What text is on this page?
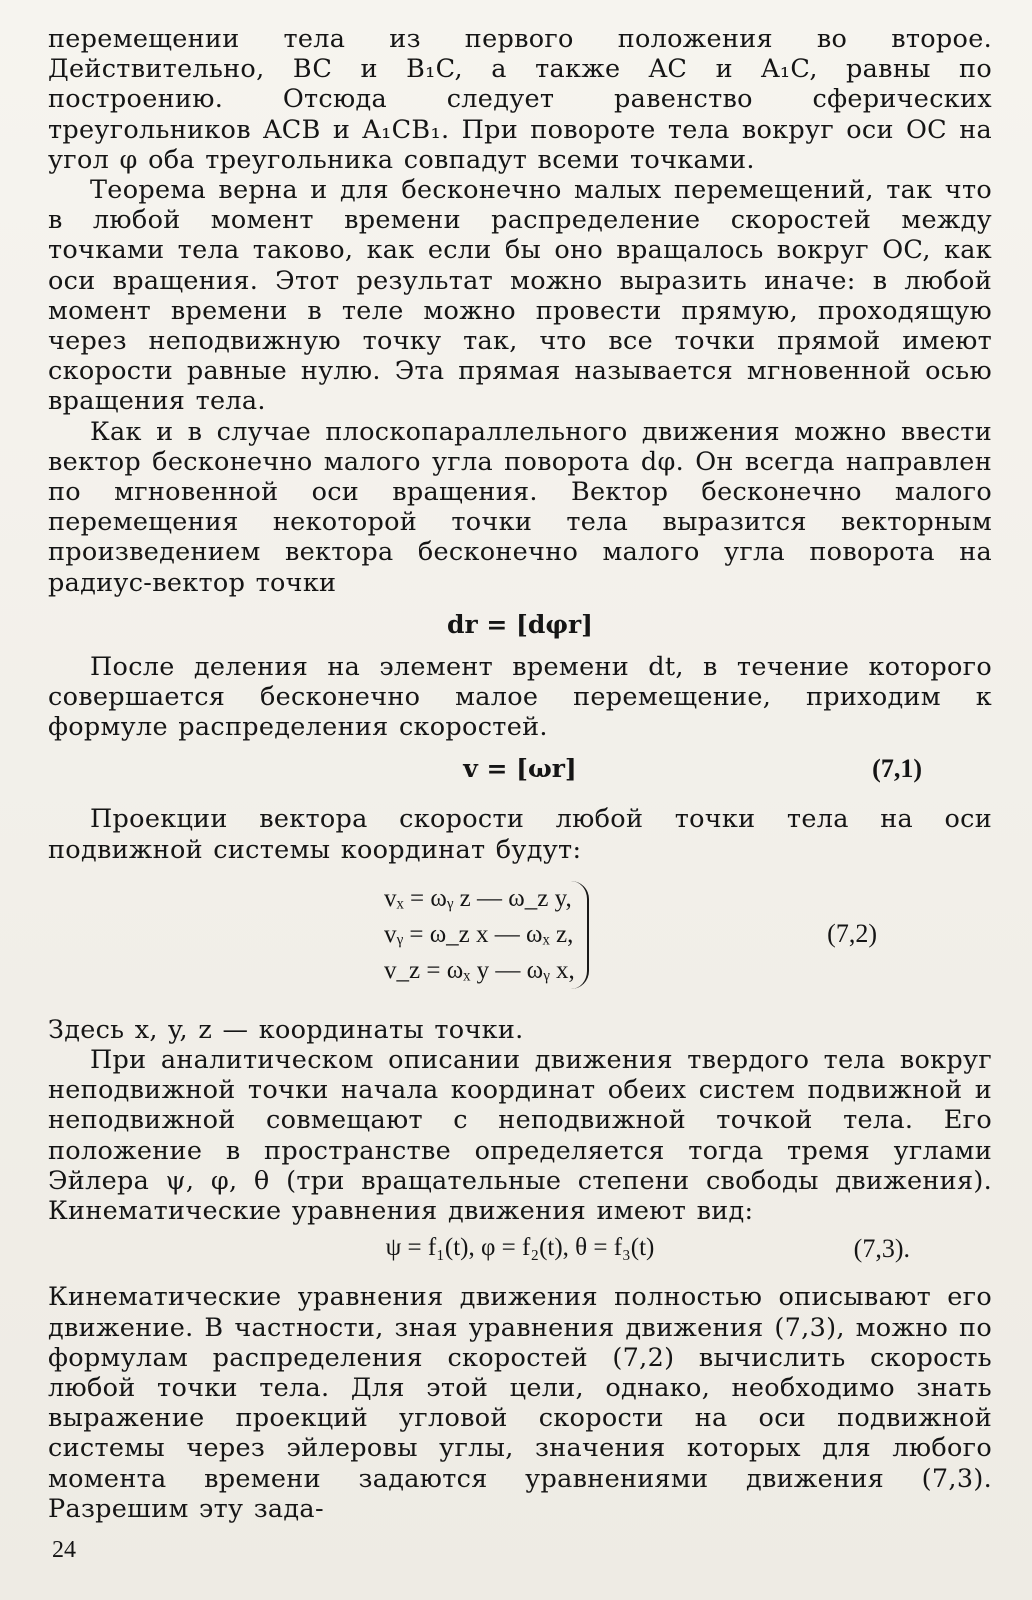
перемещении тела из первого положения во второе. Действительно, BC и B₁C, а также AC и A₁C, равны по построению. Отсюда следует равенство сферических треугольников ACB и A₁CB₁. При повороте тела вокруг оси OC на угол φ оба треугольника совпадут всеми точками.

Теорема верна и для бесконечно малых перемещений, так что в любой момент времени распределение скоростей между точками тела таково, как если бы оно вращалось вокруг OC, как оси вращения. Этот результат можно выразить иначе: в любой момент времени в теле можно провести прямую, проходящую через неподвижную точку так, что все точки прямой имеют скорости равные нулю. Эта прямая называется мгновенной осью вращения тела.

Как и в случае плоскопараллельного движения можно ввести вектор бесконечно малого угла поворота dφ. Он всегда направлен по мгновенной оси вращения. Вектор бесконечно малого перемещения некоторой точки тела выразится векторным произведением вектора бесконечно малого угла поворота на радиус-вектор точки

dr = [dφr]

После деления на элемент времени dt, в течение которого совершается бесконечно малое перемещение, приходим к формуле распределения скоростей.

v = [ωr]	(7,1)

Проекции вектора скорости любой точки тела на оси подвижной системы координат будут:

vₓ = ωᵧ z — ω_z y,
vᵧ = ω_z x — ωₓ z,
v_z = ωₓ y — ωᵧ x,
(7,2)

Здесь x, y, z — координаты точки.

При аналитическом описании движения твердого тела вокруг неподвижной точки начала координат обеих систем подвижной и неподвижной совмещают с неподвижной точкой тела. Его положение в пространстве определяется тогда тремя углами Эйлера ψ, φ, θ (три вращательные степени свободы движения). Кинематические уравнения движения имеют вид:

ψ = f₁(t), φ = f₂(t), θ = f₃(t)	(7,3).

Кинематические уравнения движения полностью описывают его движение. В частности, зная уравнения движения (7,3), можно по формулам распределения скоростей (7,2) вычислить скорость любой точки тела. Для этой цели, однако, необходимо знать выражение проекций угловой скорости на оси подвижной системы через эйлеровы углы, значения которых для любого момента времени задаются уравнениями движения (7,3). Разрешим эту зада-

24
